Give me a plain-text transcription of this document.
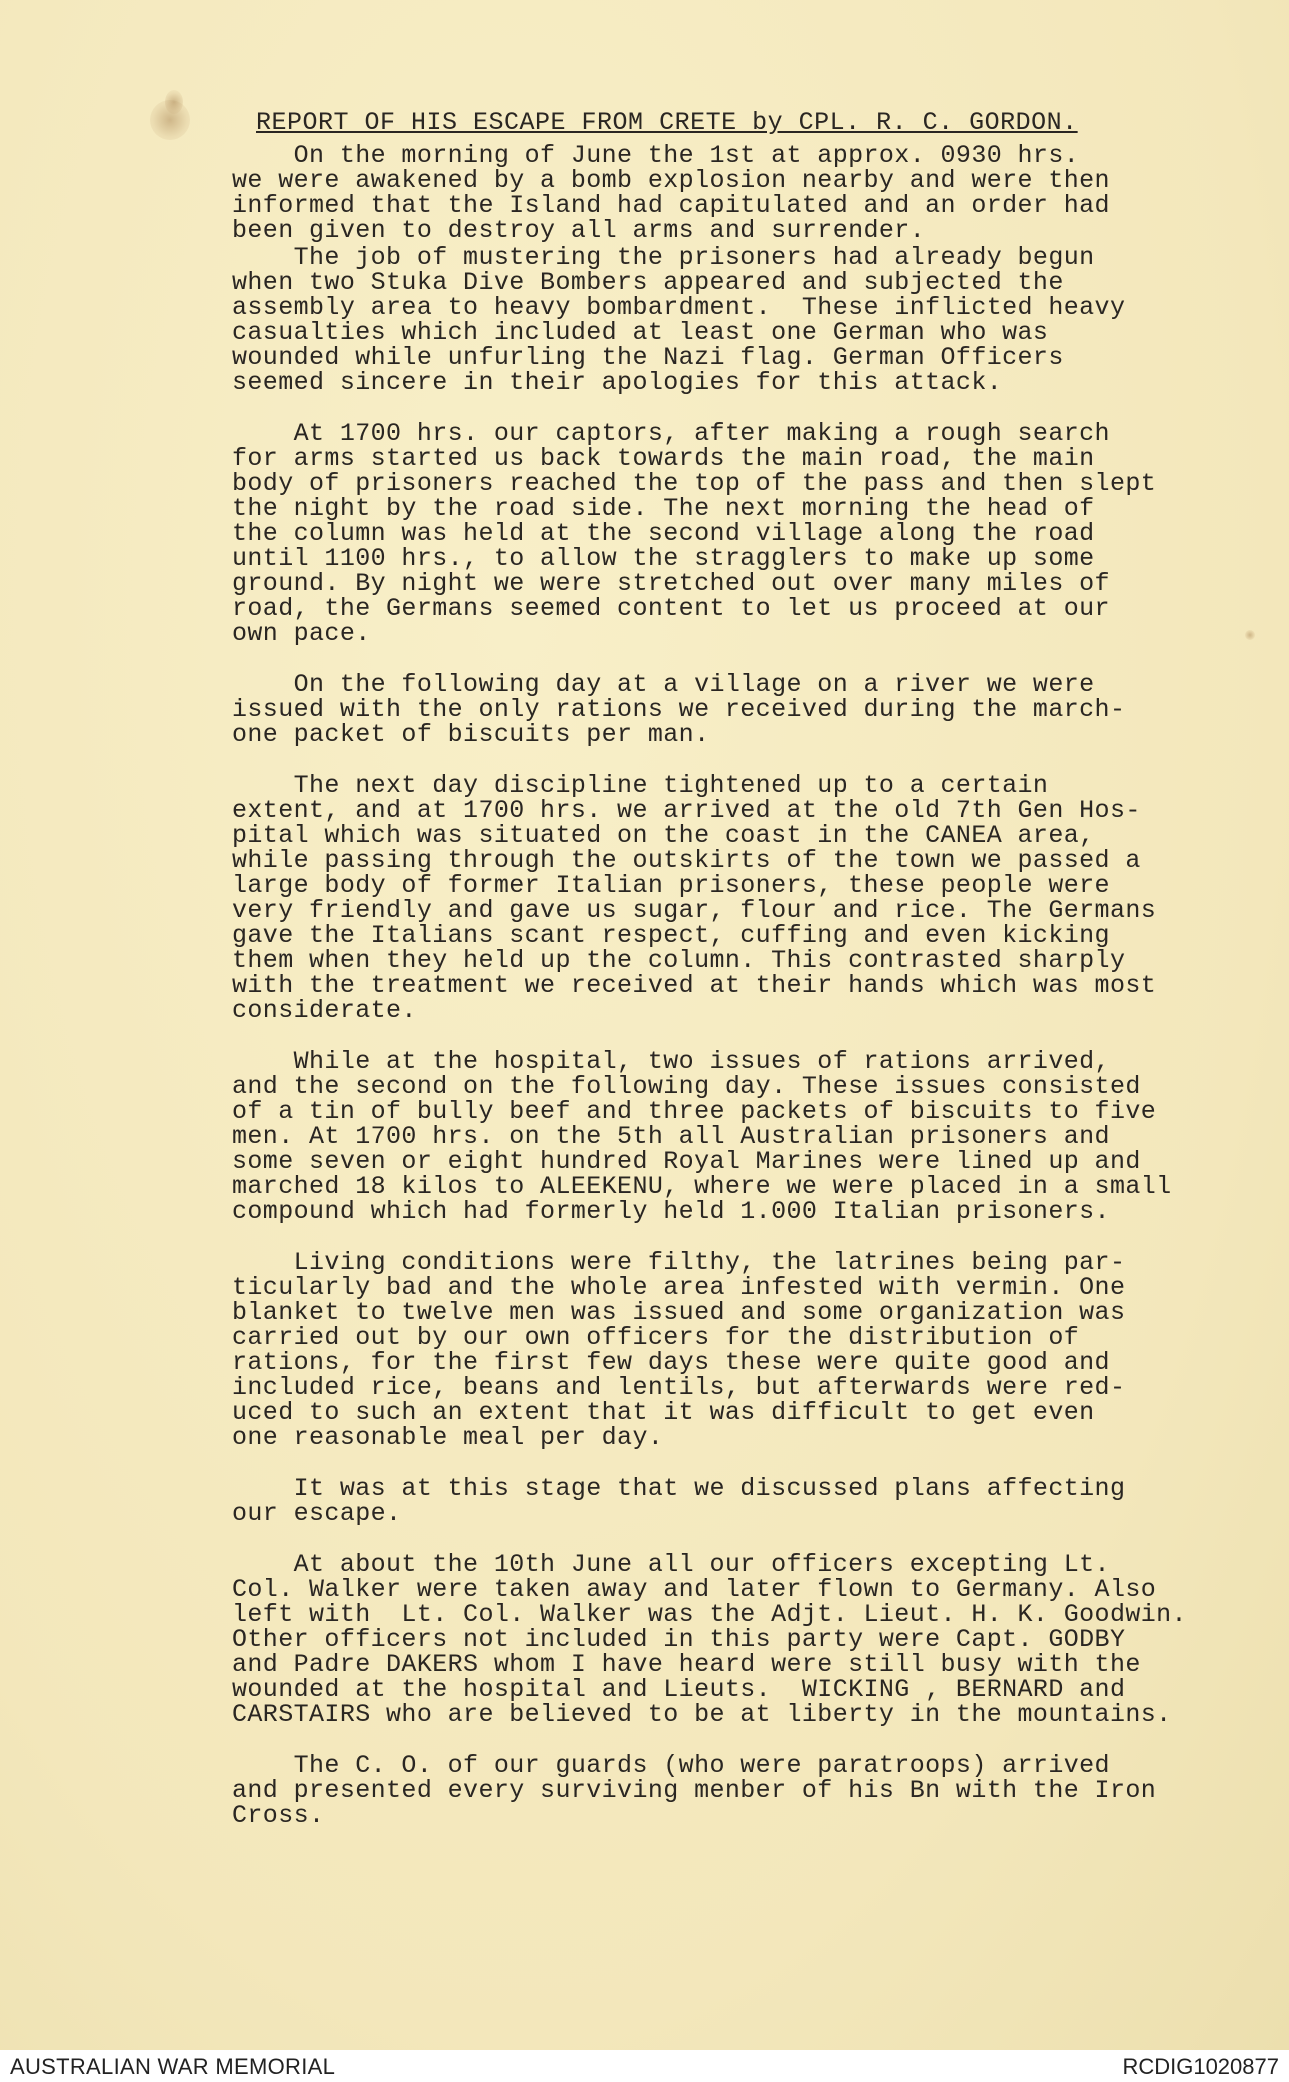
REPORT OF HIS ESCAPE FROM CRETE by CPL. R. C. GORDON.
On the morning of June the 1st at approx. 0930 hrs.
we were awakened by a bomb explosion nearby and were then
informed that the Island had capitulated and an order had
been given to destroy all arms and surrender.
The job of mustering the prisoners had already begun
when two Stuka Dive Bombers appeared and subjected the
assembly area to heavy bombardment.  These inflicted heavy
casualties which included at least one German who was
wounded while unfurling the Nazi flag. German Officers
seemed sincere in their apologies for this attack.
At 1700 hrs. our captors, after making a rough search
for arms started us back towards the main road, the main
body of prisoners reached the top of the pass and then slept
the night by the road side. The next morning the head of
the column was held at the second village along the road
until 1100 hrs., to allow the stragglers to make up some
ground. By night we were stretched out over many miles of
road, the Germans seemed content to let us proceed at our
own pace.
On the following day at a village on a river we were
issued with the only rations we received during the march-
one packet of biscuits per man.
The next day discipline tightened up to a certain
extent, and at 1700 hrs. we arrived at the old 7th Gen Hos-
pital which was situated on the coast in the CANEA area,
while passing through the outskirts of the town we passed a
large body of former Italian prisoners, these people were
very friendly and gave us sugar, flour and rice. The Germans
gave the Italians scant respect, cuffing and even kicking
them when they held up the column. This contrasted sharply
with the treatment we received at their hands which was most
considerate.
While at the hospital, two issues of rations arrived,
and the second on the following day. These issues consisted
of a tin of bully beef and three packets of biscuits to five
men. At 1700 hrs. on the 5th all Australian prisoners and
some seven or eight hundred Royal Marines were lined up and
marched 18 kilos to ALEEKENU, where we were placed in a small
compound which had formerly held 1.000 Italian prisoners.
Living conditions were filthy, the latrines being par-
ticularly bad and the whole area infested with vermin. One
blanket to twelve men was issued and some organization was
carried out by our own officers for the distribution of
rations, for the first few days these were quite good and
included rice, beans and lentils, but afterwards were red-
uced to such an extent that it was difficult to get even
one reasonable meal per day.
It was at this stage that we discussed plans affecting
our escape.
At about the 10th June all our officers excepting Lt.
Col. Walker were taken away and later flown to Germany. Also
left with  Lt. Col. Walker was the Adjt. Lieut. H. K. Goodwin.
Other officers not included in this party were Capt. GODBY
and Padre DAKERS whom I have heard were still busy with the
wounded at the hospital and Lieuts.  WICKING , BERNARD and
CARSTAIRS who are believed to be at liberty in the mountains.
The C. O. of our guards (who were paratroops) arrived
and presented every surviving menber of his Bn with the Iron
Cross.
AUSTRALIAN WAR MEMORIAL	RCDIG1020877
